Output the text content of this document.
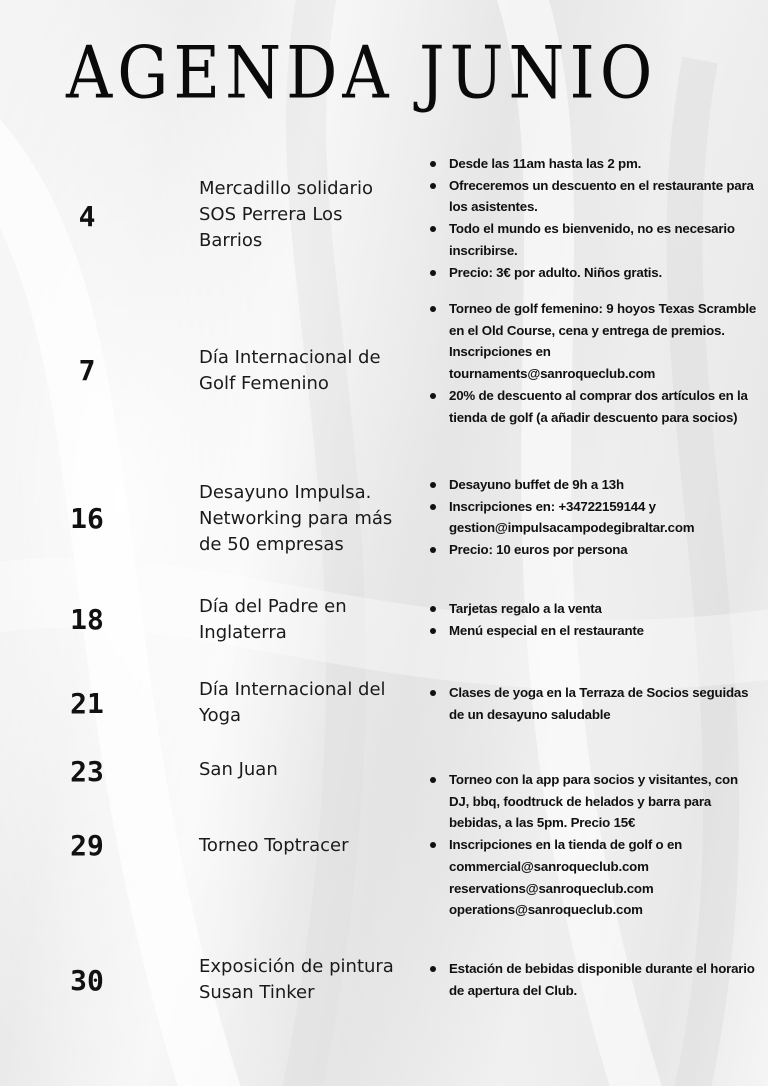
AGENDA JUNIO
4
Mercadillo solidario SOS Perrera Los Barrios
Desde las 11am hasta las 2 pm.
Ofreceremos un descuento en el restaurante para los asistentes.
Todo el mundo es bienvenido, no es necesario inscribirse.
Precio: 3€ por adulto. Niños gratis.
7	Día Internacional de Golf Femenino
Torneo de golf femenino: 9 hoyos Texas Scramble en el Old Course, cena y entrega de premios. Inscripciones en tournaments@sanroqueclub.com
20% de descuento al comprar dos artículos en la tienda de golf (a añadir descuento para socios)
16
Desayuno Impulsa. Networking para más de 50 empresas
Desayuno buffet de 9h a 13h
Inscripciones en: +34722159144 y gestion@impulsacampodegibraltar.com
Precio: 10 euros por persona
18	Día del Padre en Inglaterra
Tarjetas regalo a la venta
Menú especial en el restaurante
21	Día Internacional del Yoga
Clases de yoga en la Terraza de Socios seguidas de un desayuno saludable
23	San Juan
29	Torneo Toptracer
Torneo con la app para socios y visitantes, con DJ, bbq, foodtruck de helados y barra para bebidas, a las 5pm. Precio 15€
Inscripciones en la tienda de golf o en commercial@sanroqueclub.com reservations@sanroqueclub.com operations@sanroqueclub.com
30	Exposición de pintura Susan Tinker
Estación de bebidas disponible durante el horario de apertura del Club.
